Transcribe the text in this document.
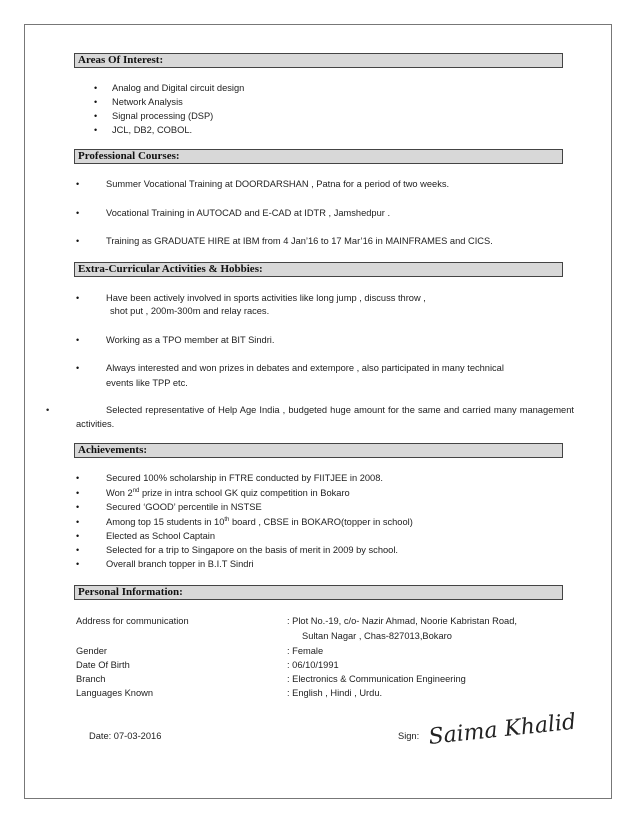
Areas Of Interest:
• Analog and Digital circuit design
• Network Analysis
• Signal processing (DSP)
• JCL, DB2, COBOL.
Professional Courses:
•	Summer Vocational Training at DOORDARSHAN , Patna for a period of two weeks.
•	Vocational Training in AUTOCAD and E-CAD at IDTR , Jamshedpur .
•	Training as GRADUATE HIRE at IBM from 4 Jan’16 to 17 Mar’16 in MAINFRAMES and CICS.
Extra-Curricular Activities & Hobbies:
•	Have been actively involved in sports activities like long jump , discuss throw ,
shot put , 200m-300m and relay races.
•	Working as a TPO member at BIT Sindri.
•	Always interested and won prizes in debates and extempore , also participated in many technical
events like TPP etc.
•	Selected representative of Help Age India , budgeted huge amount for the same and carried many management activities.
Achievements:
•	Secured 100% scholarship in FTRE conducted by FIITJEE in 2008.
•	Won 2nd prize in intra school GK quiz competition in Bokaro
•	Secured ‘GOOD’ percentile in NSTSE
•	Among top 15 students in 10th board , CBSE in BOKARO(topper in school)
•	Elected as School Captain
•	Selected for a trip to Singapore on the basis of merit in 2009 by school.
•	Overall branch topper in B.I.T Sindri
Personal Information:
Address for communication	: Plot No.-19, c/o- Nazir Ahmad, Noorie Kabristan Road,
Sultan Nagar , Chas-827013,Bokaro
Gender	: Female
Date Of Birth	: 06/10/1991
Branch	: Electronics & Communication Engineering
Languages Known	: English , Hindi , Urdu.
Date: 07-03-2016	Sign: Saima Khalid
